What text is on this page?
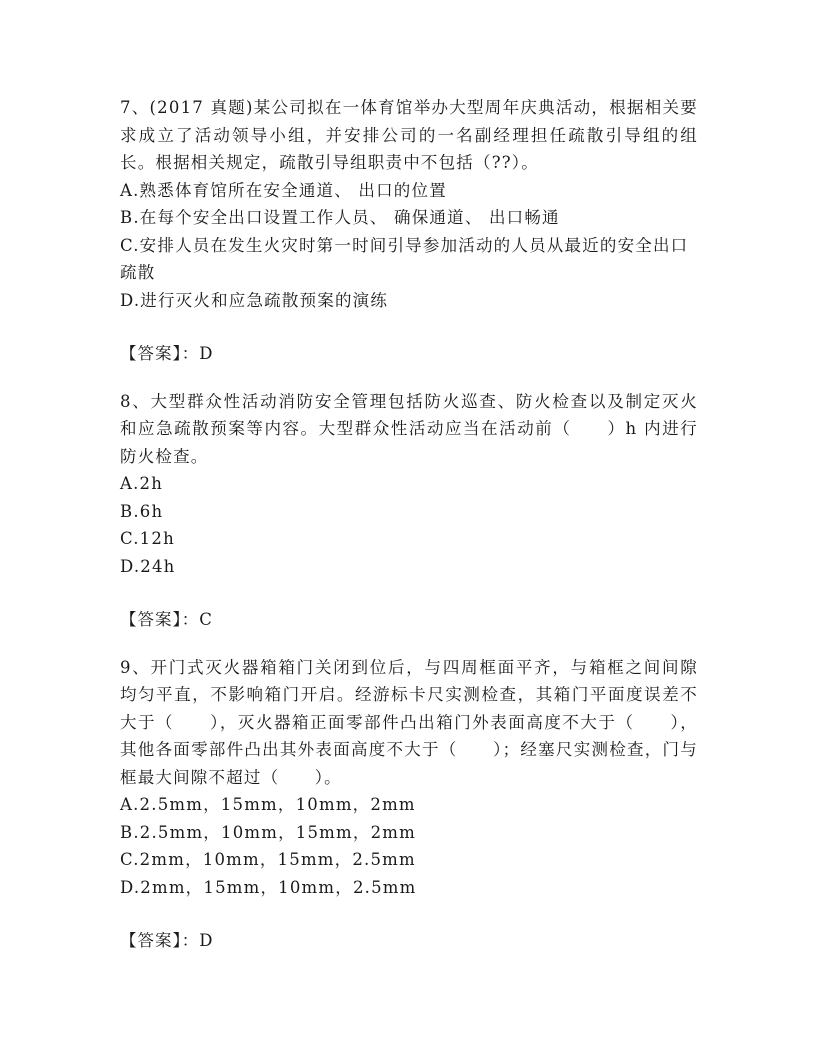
7、(2017 真题)某公司拟在一体育馆举办大型周年庆典活动，根据相关要求成立了活动领导小组，并安排公司的一名副经理担任疏散引导组的组长。根据相关规定，疏散引导组职责中不包括（??）。

A.熟悉体育馆所在安全通道、 出口的位置

B.在每个安全出口设置工作人员、 确保通道、 出口畅通

C.安排人员在发生火灾时第一时间引导参加活动的人员从最近的安全出口疏散

D.进行灭火和应急疏散预案的演练

【答案】：D

8、大型群众性活动消防安全管理包括防火巡查、防火检查以及制定灭火和应急疏散预案等内容。大型群众性活动应当在活动前（　　）h 内进行防火检查。

A.2h

B.6h

C.12h

D.24h

【答案】：C

9、开门式灭火器箱箱门关闭到位后，与四周框面平齐，与箱框之间间隙均匀平直，不影响箱门开启。经游标卡尺实测检查，其箱门平面度误差不大于（　　），灭火器箱正面零部件凸出箱门外表面高度不大于（　　），其他各面零部件凸出其外表面高度不大于（　　）；经塞尺实测检查，门与框最大间隙不超过（　　）。

A.2.5mm，15mm，10mm，2mm

B.2.5mm，10mm，15mm，2mm

C.2mm，10mm，15mm，2.5mm

D.2mm，15mm，10mm，2.5mm

【答案】：D
